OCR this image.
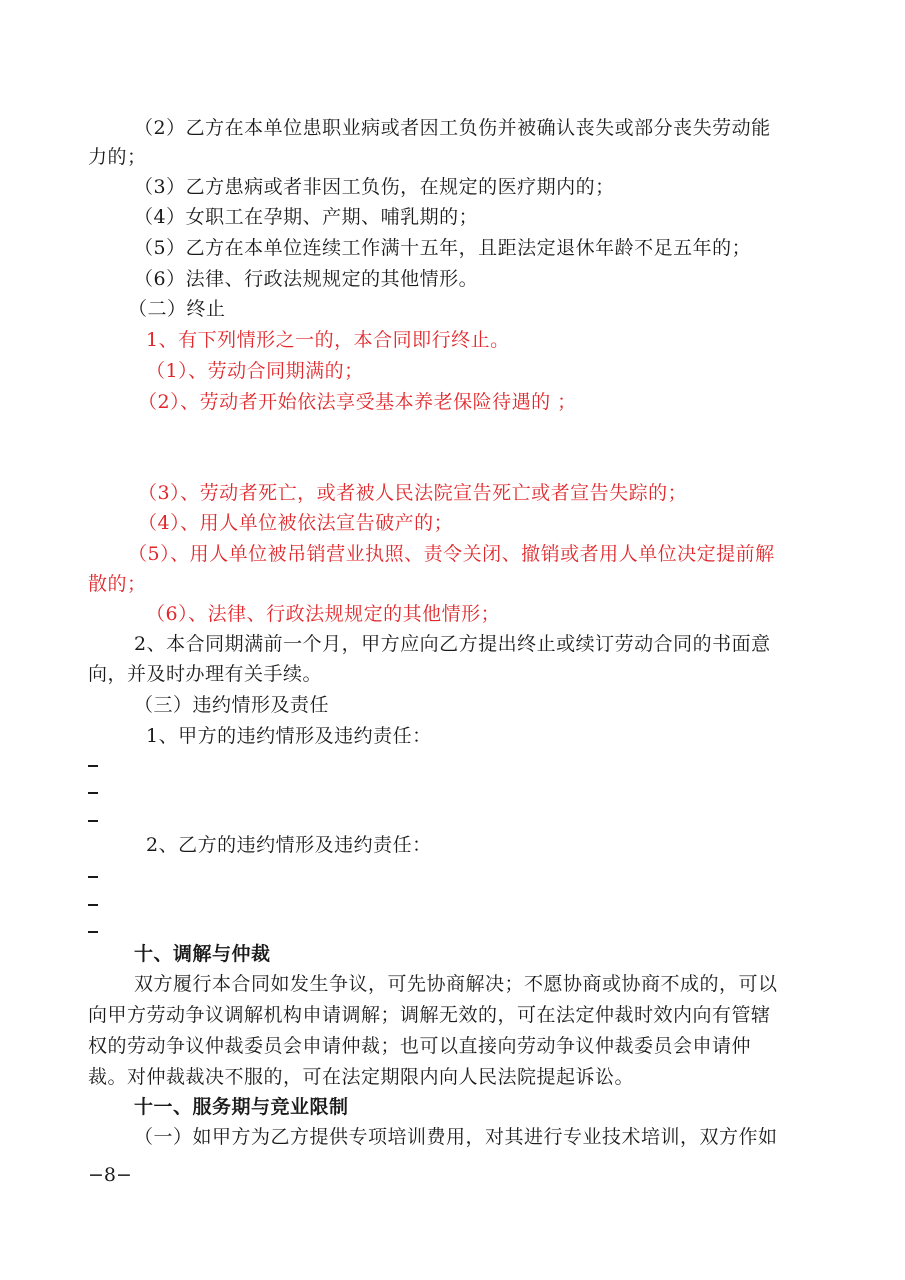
（2）乙方在本单位患职业病或者因工负伤并被确认丧失或部分丧失劳动能
力的；
（3）乙方患病或者非因工负伤，在规定的医疗期内的；
（4）女职工在孕期、产期、哺乳期的；
（5）乙方在本单位连续工作满十五年，且距法定退休年龄不足五年的；
（6）法律、行政法规规定的其他情形。
（二）终止
1、有下列情形之一的，本合同即行终止。
（1）、劳动合同期满的；
（2）、劳动者开始依法享受基本养老保险待遇的 ；
（3）、劳动者死亡，或者被人民法院宣告死亡或者宣告失踪的；
（4）、用人单位被依法宣告破产的；
（5）、用人单位被吊销营业执照、责令关闭、撤销或者用人单位决定提前解
散的；
（6）、法律、行政法规规定的其他情形；
2、本合同期满前一个月，甲方应向乙方提出终止或续订劳动合同的书面意
向，并及时办理有关手续。
（三）违约情形及责任
1、甲方的违约情形及违约责任：
2、乙方的违约情形及违约责任：
十、调解与仲裁
双方履行本合同如发生争议，可先协商解决；不愿协商或协商不成的，可以
向甲方劳动争议调解机构申请调解；调解无效的，可在法定仲裁时效内向有管辖
权的劳动争议仲裁委员会申请仲裁；也可以直接向劳动争议仲裁委员会申请仲
裁。对仲裁裁决不服的，可在法定期限内向人民法院提起诉讼。
十一、服务期与竞业限制
（一）如甲方为乙方提供专项培训费用，对其进行专业技术培训，双方作如
−8−
